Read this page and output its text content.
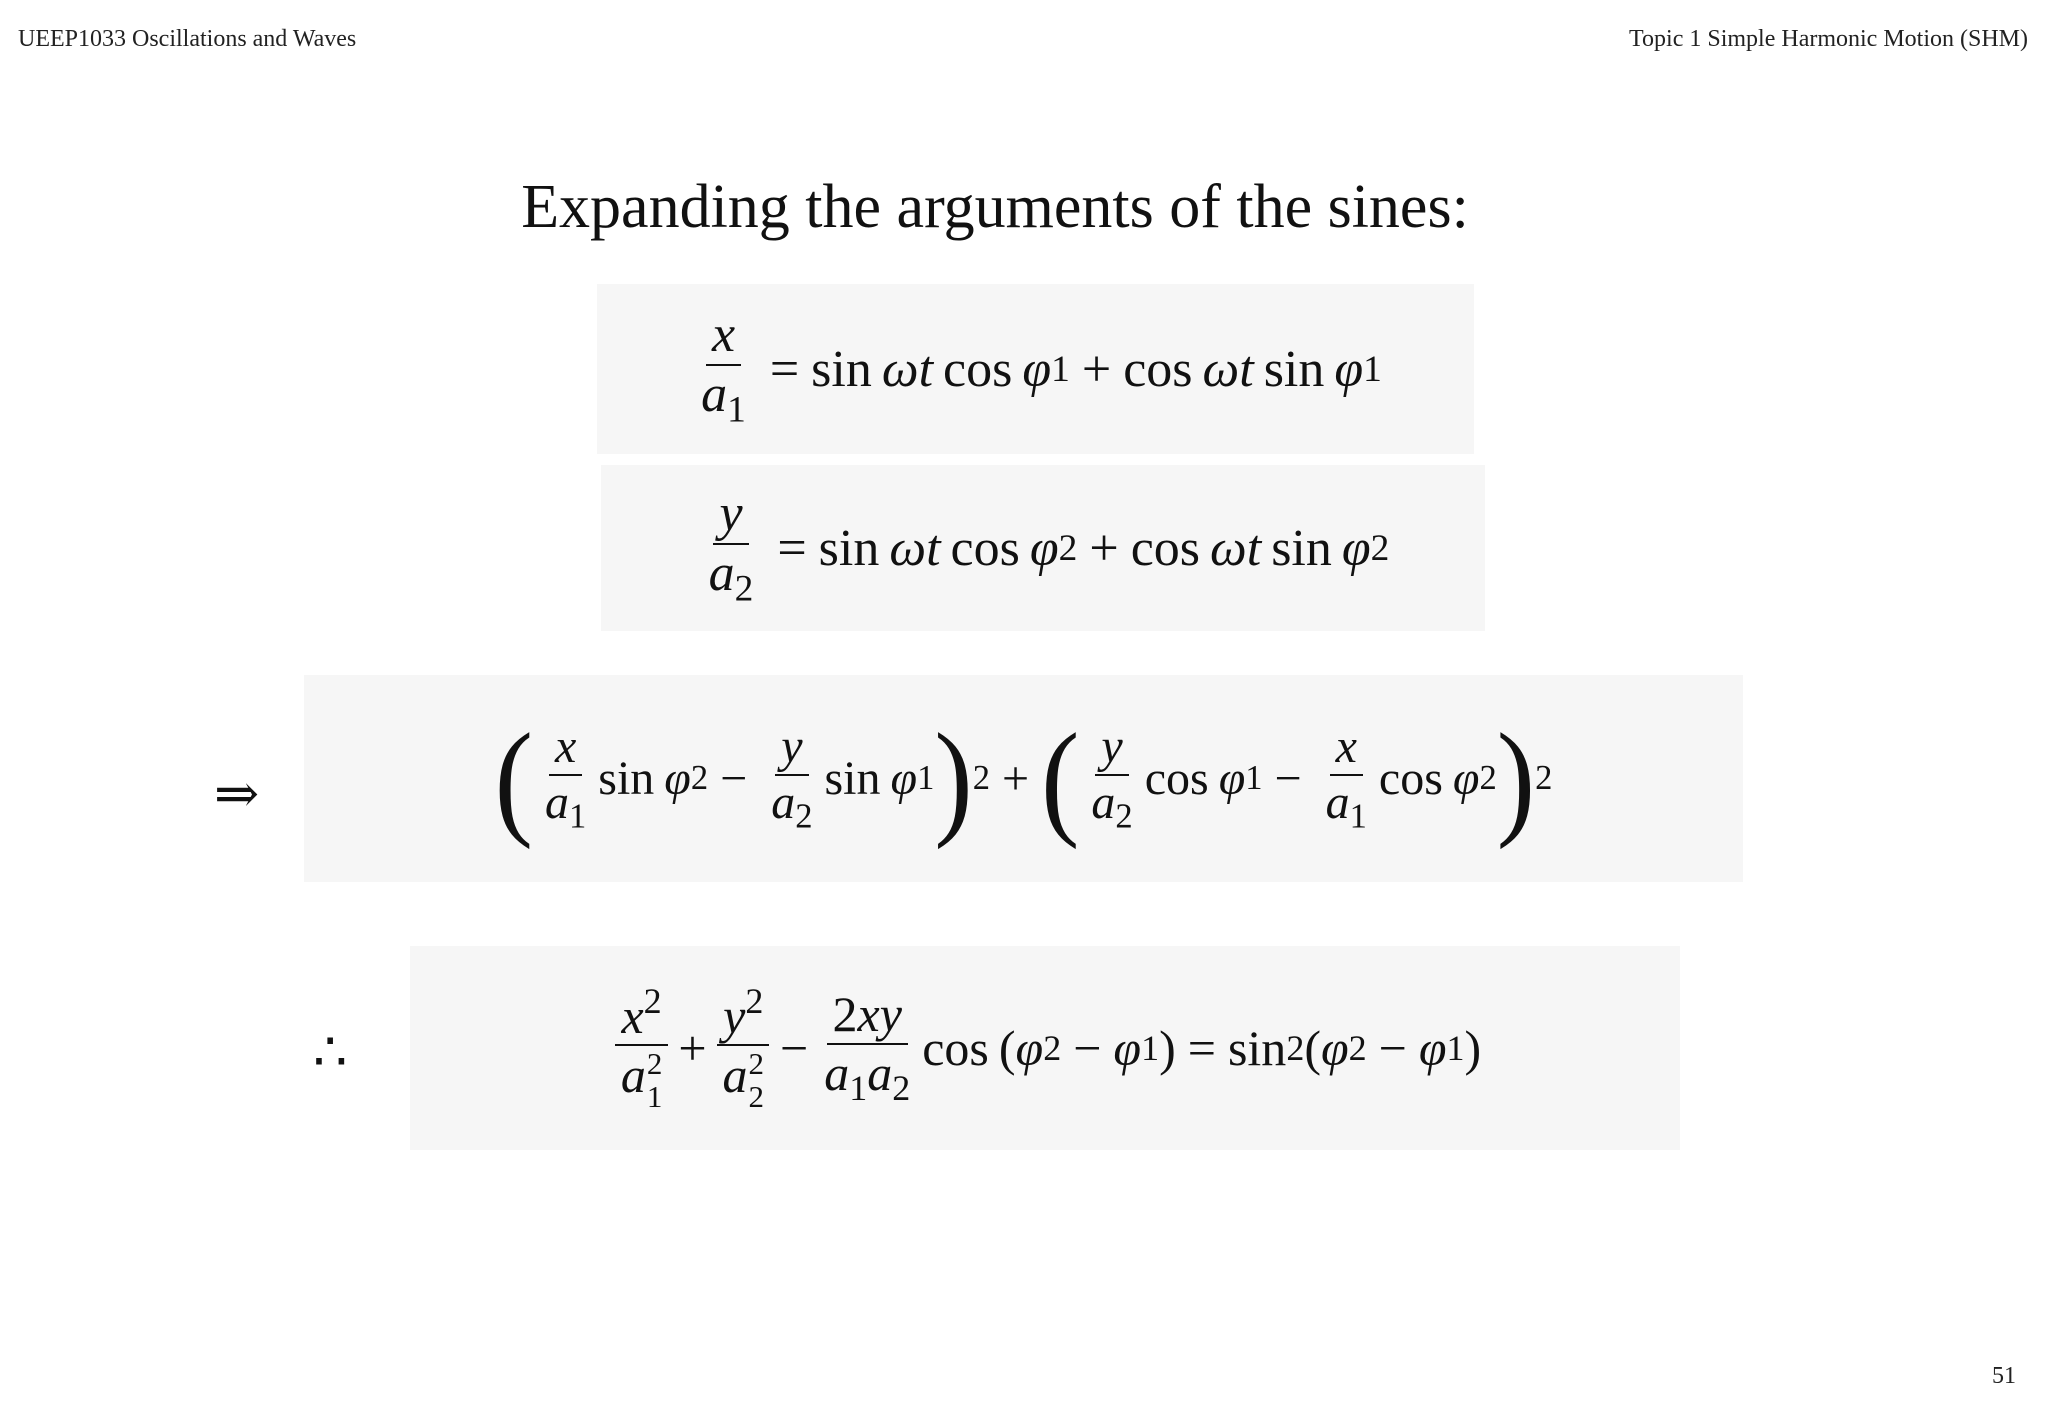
UEEP1033 Oscillations and Waves	Topic 1 Simple Harmonic Motion (SHM)
Expanding the arguments of the sines:
$\frac{x}{a_1} = \sin \omega t$ cos φ 1 + cos ωt sin φ 1
$\frac{y}{a_2} = \sin \omega t$ cos φ 2 + cos ωt sin φ 2
⇒ ( $\frac{x}{a_1}$ sin φ $2 - \frac{y}{a_2}$ sin φ 1 ) 2 + ( $\frac{y}{a_2}$ cos φ $1 - \frac{x}{a_1}$ cos φ 2 ) 2
∴	$x^2$
a 2
$1 + y^2$
a 2
$2 - \frac{2xy}{a_1a_2}$ cos ( φ 2 − φ 1 ) = sin 2 ( φ 2 − φ 1 )
51
